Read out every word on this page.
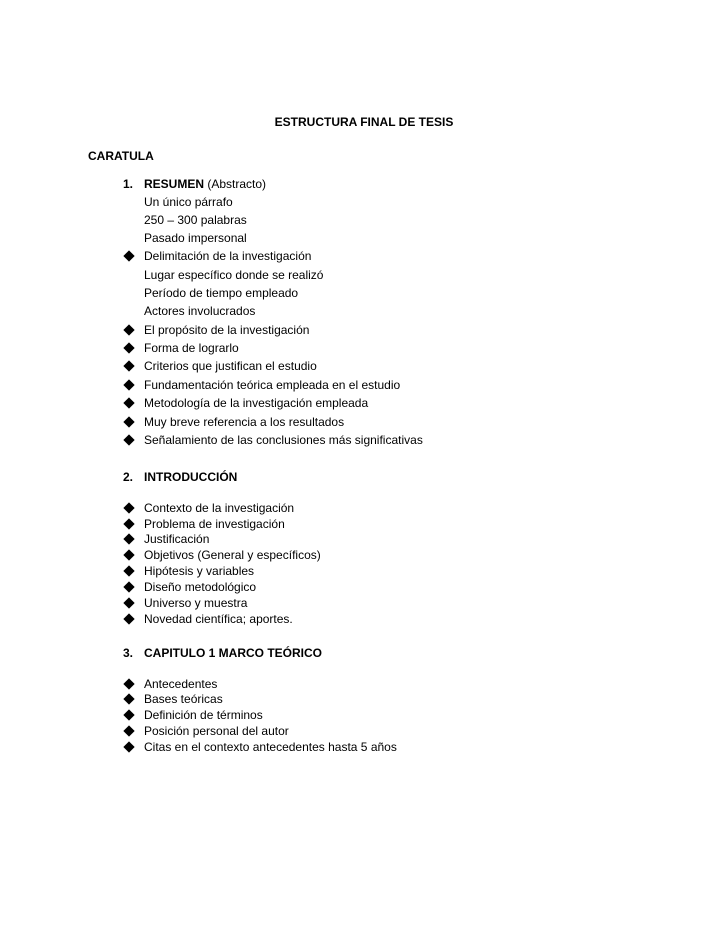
ESTRUCTURA FINAL DE TESIS
CARATULA
1. RESUMEN (Abstracto)
Un único párrafo
250 – 300 palabras
Pasado impersonal
Delimitación de la investigación
Lugar específico donde se realizó
Período de tiempo empleado
Actores involucrados
El propósito de la investigación
Forma de lograrlo
Criterios que justifican el estudio
Fundamentación teórica empleada en el estudio
Metodología de la investigación empleada
Muy breve referencia a los resultados
Señalamiento de las conclusiones más significativas
2. INTRODUCCIÓN
Contexto de la investigación
Problema de investigación
Justificación
Objetivos (General y específicos)
Hipótesis y variables
Diseño metodológico
Universo y muestra
Novedad científica; aportes.
3. CAPITULO 1 MARCO TEÓRICO
Antecedentes
Bases teóricas
Definición de términos
Posición personal del autor
Citas en el contexto antecedentes hasta 5 años
